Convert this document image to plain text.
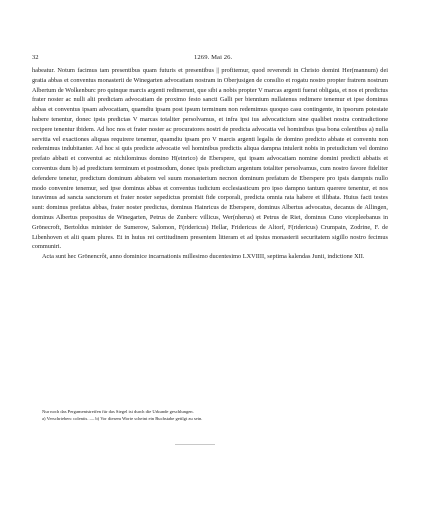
32	1269. Mai 26.

habeatur. Notum facimus tam presentibus quam futuris et presentibus || profitemur, quod reverendi in Christo domini Her(mannum) dei gratia abbas et conventus monasterii de Winegarten advocatiam nostram in Oberjusigen de consilio et rogatu nostro propter fratrem nostrum Albertum de Wolkenburc pro quinque marcis argenti redimerunt, que sibi a nobis propter V marcas argenti fuerat obligata, et nos et predictus frater noster ac nulli alii predictam advocatiam de proximo festo sancti Galli per biennium nullatenus redimere tenemur et ipse dominus abbas et conventus ipsam advocatiam, quamdiu ipsam post ipsum terminum non redemimus quoquo casu contingente, in ipsorum potestate habere tenentur, donec ipsis predictas V marcas totaliter persolvamus, et infra ipsi ius advocaticium sine qualibet nostra contradictione recipere tenentur ibidem. Ad hoc nos et frater noster ac procuratores nostri de predicta advocatia vel hominibus ipsa bona colentibus a) nulla servitia vel exactiones aliquas requirere tenemur, quamdiu ipsam pro V marcis argenti legalis de domino predicto abbate et conventu non redemimus indubitanter. Ad hoc si quis predicte advocatie vel hominibus predictis aliqua dampna intulerit nobis in preiudicium vel domino prefato abbati et conventui ac nichilominus domino H(einrico) de Eberspere, qui ipsam advocatiam nomine domini predicti abbatis et conventus dum b) ad predictum terminum et postmodum, donec ipsis predictum argentum totaliter persolvamus, cum nostro favore fideliter defendere tenetur, predictum dominum abbatem vel suum monasterium necnon dominum prefatum de Eberspere pro ipsis dampnis nullo modo convenire tenemur, sed ipse dominus abbas et conventus iudicium ecclesiasticum pro ipso dampno tantum querere tenentur, et nos iuravimus ad sancta sanctorum et frater noster sepedictus promisit fide corporali, predicta omnia rata habere et illibata. Huius facti testes sunt: dominus prefatus abbas, frater noster predictus, dominus Hainricus de Eberspere, dominus Albertus advocatus, decanus de Allingen, dominus Albertus prepositus de Winegarten, Petrus de Zunberc villicus, Wer(nherus) et Petrus de Riet, dominus Cuno vicepleebanus in Grönecroft, Bertoldus minister de Sumerow, Salomon, F(ridericus) Hellar, Fridericus de Altorf, F(ridericus) Crumpain, Zodrine, F. de Libenhoven et alii quam plures. Et in huius rei certitudinem presentem litteram et ad ipsius monasterii securitatem sigillo nostro fecimus communiri.

Acta sunt hec Grönencrôt, anno dominice incarnationis millesimo ducentesimo LXVIIII, septima kalendas Junii, indictione XII.

Nur noch das Pergamentstreifen für das Siegel ist durch die Urkunde geschlungen.
a) Verschrieben: colentis. — b) Vor diesem Worte scheint ein Buchstabe getilgt zu sein.
